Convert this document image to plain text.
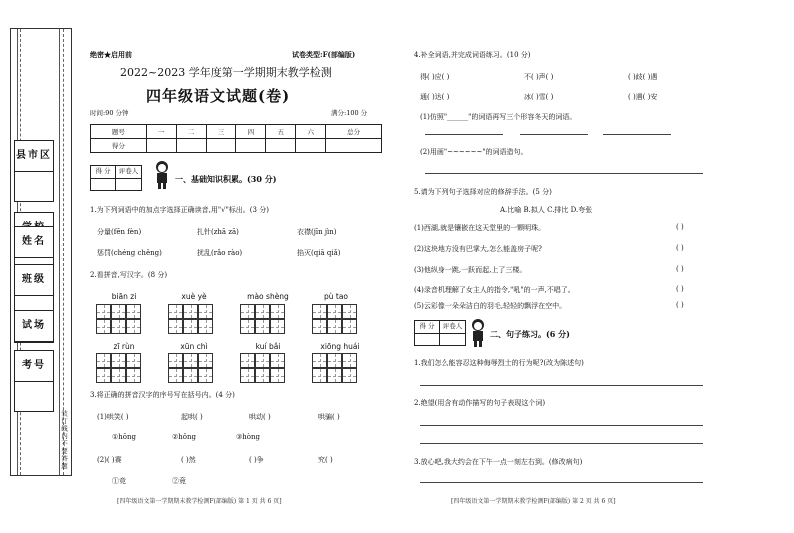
县市区
姓名
班级
试场
考号
装订线内不要答题
绝密★启用前	试卷类型:F(部编版)
2022~2023 学年度第一学期期末教学检测
四年级语文试题(卷)
时间:90 分钟	满分:100 分
题号	一	二	三	四	五	六	总分
得分							
得 分	评卷人
一、基础知识积累。(30 分)
1.为下列词语中的加点字选择正确读音,用"√"标出。(3 分)
分量(fēn fèn)	扎针(zhā zā)	衣襟(jīn jìn)
惩罚(chéng chěng)	扰乱(rǎo rào)	掐灭(qiā qiǎ)
2.看拼音,写汉字。(8 分)
biān zi	xuè yè	mào shèng	pù tao
zī rùn	xūn chì	kuí bǎi	xiōng huái
3.将正确的拼音汉字的序号写在括号内。(4 分)
(1)哄笑( )	起哄( )	哄动( )	哄骗( )
①hōng	②hǒng	③hòng
(2)( )赛	( )然	( )争	究( )
①竞	②竟
[四年级语文第一学期期末教学检测F(部编版) 第 1 页 共 6 页]
4.补全词语,并完成词语练习。(10 分)
得( )应( )	不( )声( )	( )歧( )遇
通( )达( )	冰( )雪( )	( )遇( )安
(1)仿照"______"的词语再写三个形容冬天的词语。
(2)用画"~~~~~~"的词语造句。
5.请为下列句子选择对应的修辞手法。(5 分)
A.比喻 B.拟人 C.排比 D.夸张
(1)西湖,就是镶嵌在这天堂里的一颗明珠。
(2)这块地方没有巴掌大,怎么能盖房子呢?
(3)他纵身一跳,一跃而起,上了三楼。
(4)录音机理解了女主人的指令,"吼"的一声,不唱了。
(5)云彩像一朵朵洁白的羽毛,轻轻的飘浮在空中。
( )
( )
( )
( )
( )
得 分	评卷人
二、句子练习。(6 分)
1.我们怎么能容忍这种侮辱烈士的行为呢?(改为陈述句)
2.绝望(用含有动作描写的句子表现这个词)
3.放心吧,我大约会在下午一点一刻左右到。(修改病句)
[四年级语文第一学期期末教学检测F(部编版) 第 2 页 共 6 页]
